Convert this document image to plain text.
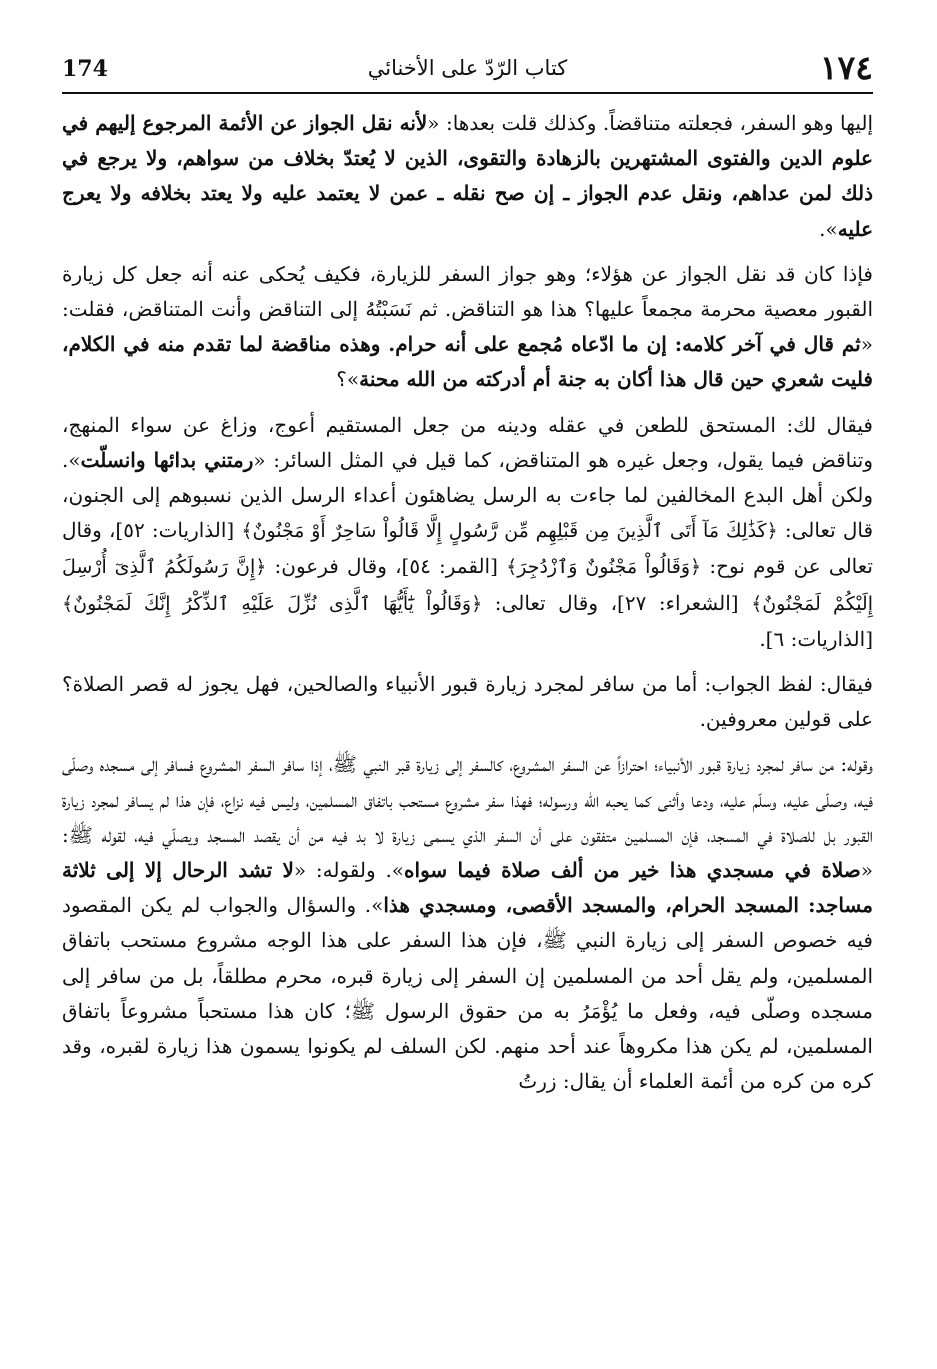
١٧٤
كتاب الرّدّ على الأخنائي
174

إليها وهو السفر، فجعلته متناقضاً. وكذلك قلت بعدها: «لأنه نقل الجواز عن الأئمة المرجوع إليهم في علوم الدين والفتوى المشتهرين بالزهادة والتقوى، الذين لا يُعتدّ بخلاف من سواهم، ولا يرجع في ذلك لمن عداهم، ونقل عدم الجواز ـ إن صح نقله ـ عمن لا يعتمد عليه ولا يعتد بخلافه ولا يعرج عليه».

فإذا كان قد نقل الجواز عن هؤلاء؛ وهو جواز السفر للزيارة، فكيف يُحكى عنه أنه جعل كل زيارة القبور معصية محرمة مجمعاً عليها؟ هذا هو التناقض. ثم نَسَبْتُهُ إلى التناقض وأنت المتناقض، فقلت: «ثم قال في آخر كلامه: إن ما ادّعاه مُجمع على أنه حرام. وهذه مناقضة لما تقدم منه في الكلام، فليت شعري حين قال هذا أكان به جنة أم أدركته من الله محنة»؟

فيقال لك: المستحق للطعن في عقله ودينه من جعل المستقيم أعوج، وزاغ عن سواء المنهج، وتناقض فيما يقول، وجعل غيره هو المتناقض، كما قيل في المثل السائر: «رمتني بدائها وانسلّت». ولكن أهل البدع المخالفين لما جاءت به الرسل يضاهئون أعداء الرسل الذين نسبوهم إلى الجنون، قال تعالى: ﴿كَذَٰلِكَ مَآ أَتَى ٱلَّذِينَ مِن قَبْلِهِم مِّن رَّسُولٍ إِلَّا قَالُواْ سَاحِرٌ أَوْ مَجْنُونٌ﴾ [الذاريات: ٥٢]، وقال تعالى عن قوم نوح: ﴿وَقَالُواْ مَجْنُونٌ وَٱزْدُجِرَ﴾ [القمر: ٥٤]، وقال فرعون: ﴿إِنَّ رَسُولَكُمُ ٱلَّذِىٓ أُرْسِلَ إِلَيْكُمْ لَمَجْنُونٌ﴾ [الشعراء: ٢٧]، وقال تعالى: ﴿وَقَالُواْ يَٰٓأَيُّهَا ٱلَّذِى نُزِّلَ عَلَيْهِ ٱلذِّكْرُ إِنَّكَ لَمَجْنُونٌ﴾ [الذاريات: ٦].

فيقال: لفظ الجواب: أما من سافر لمجرد زيارة قبور الأنبياء والصالحين، فهل يجوز له قصر الصلاة؟ على قولين معروفين.

وقوله: من سافر لمجرد زيارة قبور الأنبياء؛ احترازاً عن السفر المشروع، كالسفر إلى زيارة قبر النبي ﷺ، إذا سافر السفر المشروع فسافر إلى مسجده وصلّى فيه، وصلّى عليه، وسلّم عليه، ودعا وأثنى كما يحبه الله ورسوله؛ فهذا سفر مشروع مستحب باتفاق المسلمين، وليس فيه نزاع، فإن هذا لم يسافر لمجرد زيارة القبور بل للصلاة في المسجد، فإن المسلمين متفقون على أن السفر الذي يسمى زيارة لا بد فيه من أن يقصد المسجد ويصلّي فيه، لقوله ﷺ: «صلاة في مسجدي هذا خير من ألف صلاة فيما سواه». ولقوله: «لا تشد الرحال إلا إلى ثلاثة مساجد: المسجد الحرام، والمسجد الأقصى، ومسجدي هذا». والسؤال والجواب لم يكن المقصود فيه خصوص السفر إلى زيارة النبي ﷺ، فإن هذا السفر على هذا الوجه مشروع مستحب باتفاق المسلمين، ولم يقل أحد من المسلمين إن السفر إلى زيارة قبره، محرم مطلقاً، بل من سافر إلى مسجده وصلّى فيه، وفعل ما يُؤْمَرُ به من حقوق الرسول ﷺ؛ كان هذا مستحباً مشروعاً باتفاق المسلمين، لم يكن هذا مكروهاً عند أحد منهم. لكن السلف لم يكونوا يسمون هذا زيارة لقبره، وقد كره من كره من أئمة العلماء أن يقال: زرتُ
